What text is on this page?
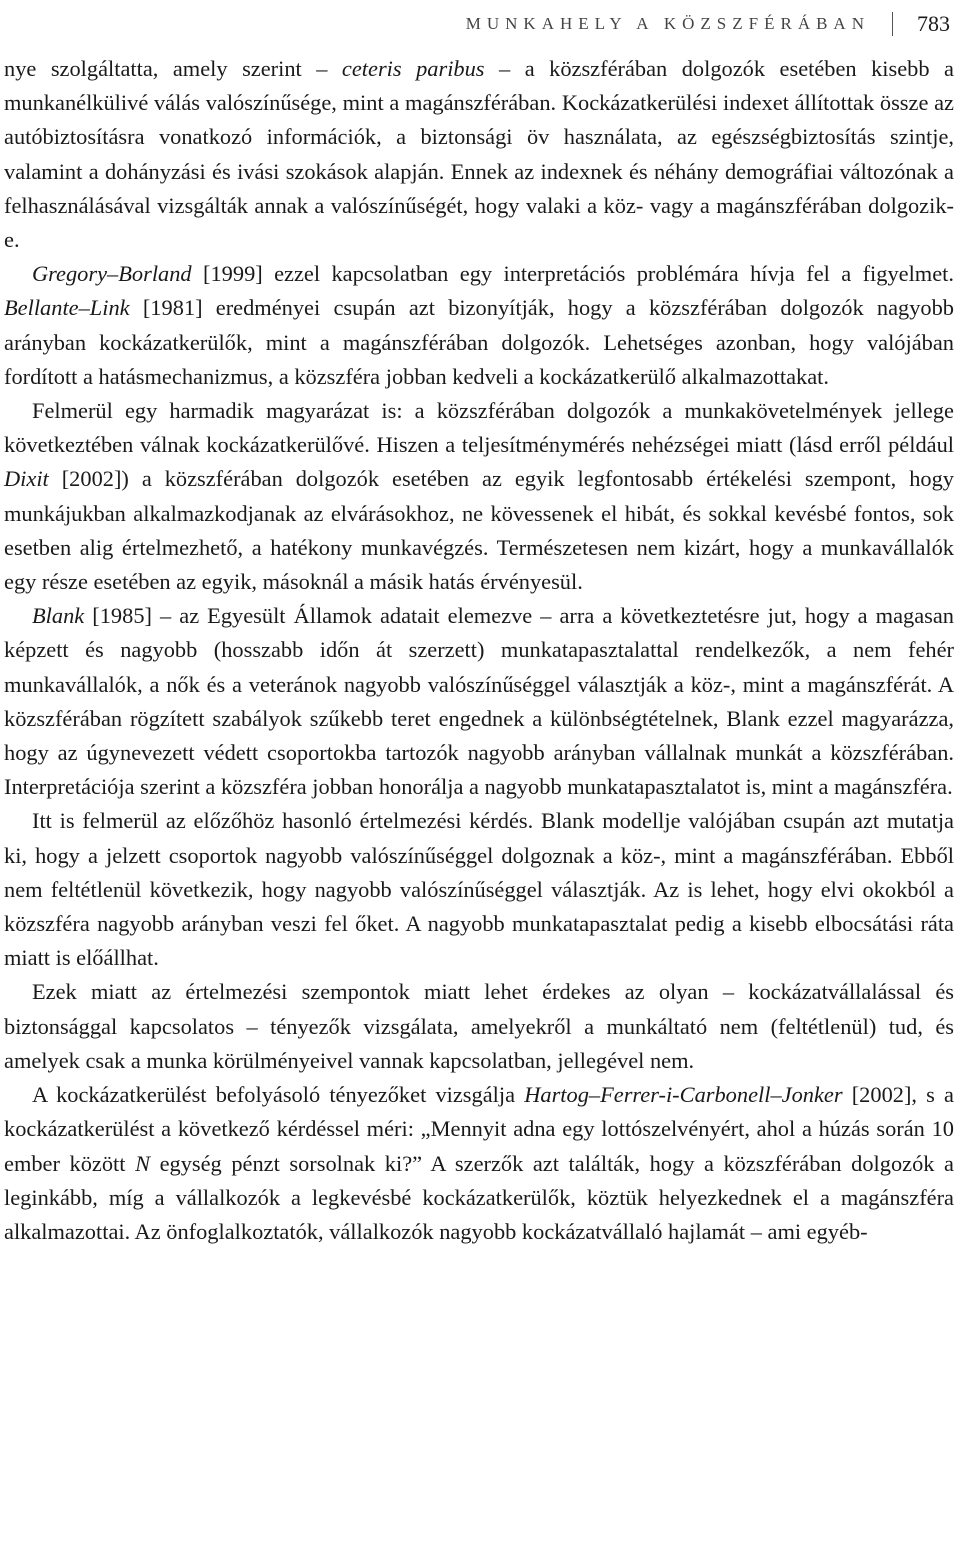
MUNKAHELY A KÖZSZFÉRÁBAN	783

nye szolgáltatta, amely szerint – ceteris paribus – a közszférában dolgozók esetében kisebb a munkanélkülivé válás valószínűsége, mint a magánszférában. Kockázatkerülési indexet állítottak össze az autóbiztosításra vonatkozó információk, a biztonsági öv használata, az egészségbiztosítás szintje, valamint a dohányzási és ivási szokások alapján. Ennek az indexnek és néhány demográfiai változónak a felhasználásával vizsgálták annak a valószínűségét, hogy valaki a köz- vagy a magánszférában dolgozik-e.

Gregory–Borland [1999] ezzel kapcsolatban egy interpretációs problémára hívja fel a figyelmet. Bellante–Link [1981] eredményei csupán azt bizonyítják, hogy a közszférában dolgozók nagyobb arányban kockázatkerülők, mint a magánszférában dolgozók. Lehetséges azonban, hogy valójában fordított a hatásmechanizmus, a közszféra jobban kedveli a kockázatkerülő alkalmazottakat.

Felmerül egy harmadik magyarázat is: a közszférában dolgozók a munkakövetelmények jellege következtében válnak kockázatkerülővé. Hiszen a teljesítménymérés nehézségei miatt (lásd erről például Dixit [2002]) a közszférában dolgozók esetében az egyik legfontosabb értékelési szempont, hogy munkájukban alkalmazkodjanak az elvárásokhoz, ne kövessenek el hibát, és sokkal kevésbé fontos, sok esetben alig értelmezhető, a hatékony munkavégzés. Természetesen nem kizárt, hogy a munkavállalók egy része esetében az egyik, másoknál a másik hatás érvényesül.

Blank [1985] – az Egyesült Államok adatait elemezve – arra a következtetésre jut, hogy a magasan képzett és nagyobb (hosszabb időn át szerzett) munkatapasztalattal rendelkezők, a nem fehér munkavállalók, a nők és a veteránok nagyobb valószínűséggel választják a köz-, mint a magánszférát. A közszférában rögzített szabályok szűkebb teret engednek a különbségtételnek, Blank ezzel magyarázza, hogy az úgynevezett védett csoportokba tartozók nagyobb arányban vállalnak munkát a közszférában. Interpretációja szerint a közszféra jobban honorálja a nagyobb munkatapasztalatot is, mint a magánszféra.

Itt is felmerül az előzőhöz hasonló értelmezési kérdés. Blank modellje valójában csupán azt mutatja ki, hogy a jelzett csoportok nagyobb valószínűséggel dolgoznak a köz-, mint a magánszférában. Ebből nem feltétlenül következik, hogy nagyobb valószínűséggel választják. Az is lehet, hogy elvi okokból a közszféra nagyobb arányban veszi fel őket. A nagyobb munkatapasztalat pedig a kisebb elbocsátási ráta miatt is előállhat.

Ezek miatt az értelmezési szempontok miatt lehet érdekes az olyan – kockázatvállalással és biztonsággal kapcsolatos – tényezők vizsgálata, amelyekről a munkáltató nem (feltétlenül) tud, és amelyek csak a munka körülményeivel vannak kapcsolatban, jellegével nem.

A kockázatkerülést befolyásoló tényezőket vizsgálja Hartog–Ferrer-i-Carbonell–Jonker [2002], s a kockázatkerülést a következő kérdéssel méri: „Mennyit adna egy lottószelvényért, ahol a húzás során 10 ember között N egység pénzt sorsolnak ki?” A szerzők azt találták, hogy a közszférában dolgozók a leginkább, míg a vállalkozók a legkevésbé kockázatkerülők, köztük helyezkednek el a magánszféra alkalmazottai. Az önfoglalkoztatók, vállalkozók nagyobb kockázatvállaló hajlamát – ami egyéb-
